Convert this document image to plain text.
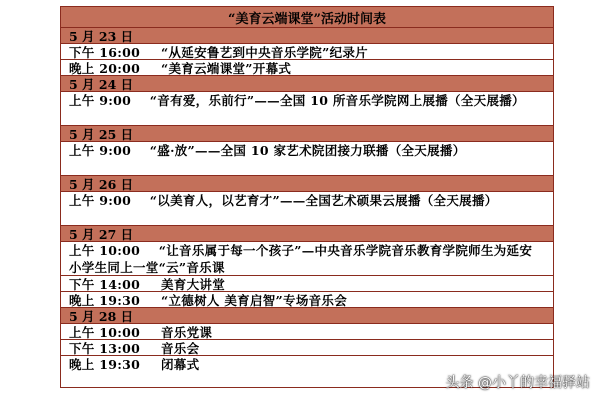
“美育云端课堂”活动时间表
5 月 23 日
下午 16:00	“从延安鲁艺到中央音乐学院”纪录片
晚上 20:00	“美育云端课堂”开幕式
5 月 24 日
上午 9:00 “音有爱，乐前行”——全国 10 所音乐学院网上展播（全天展播）
5 月 25 日
上午 9:00 “盛·放”——全国 10 家艺术院团接力联播（全天展播）
5 月 26 日
上午 9:00 “以美育人，以艺育才”——全国艺术硕果云展播（全天展播）
5 月 27 日
上午 10:00 “让音乐属于每一个孩子”—中央音乐学院音乐教育学院师生为延安小学生同上一堂“云”音乐课
下午 14:00	美育大讲堂
晚上 19:30	“立德树人 美育启智”专场音乐会
5 月 28 日
上午 10:00	音乐党课
下午 13:00	音乐会
晚上 19:30	闭幕式
头条 @小丫的幸福驿站
